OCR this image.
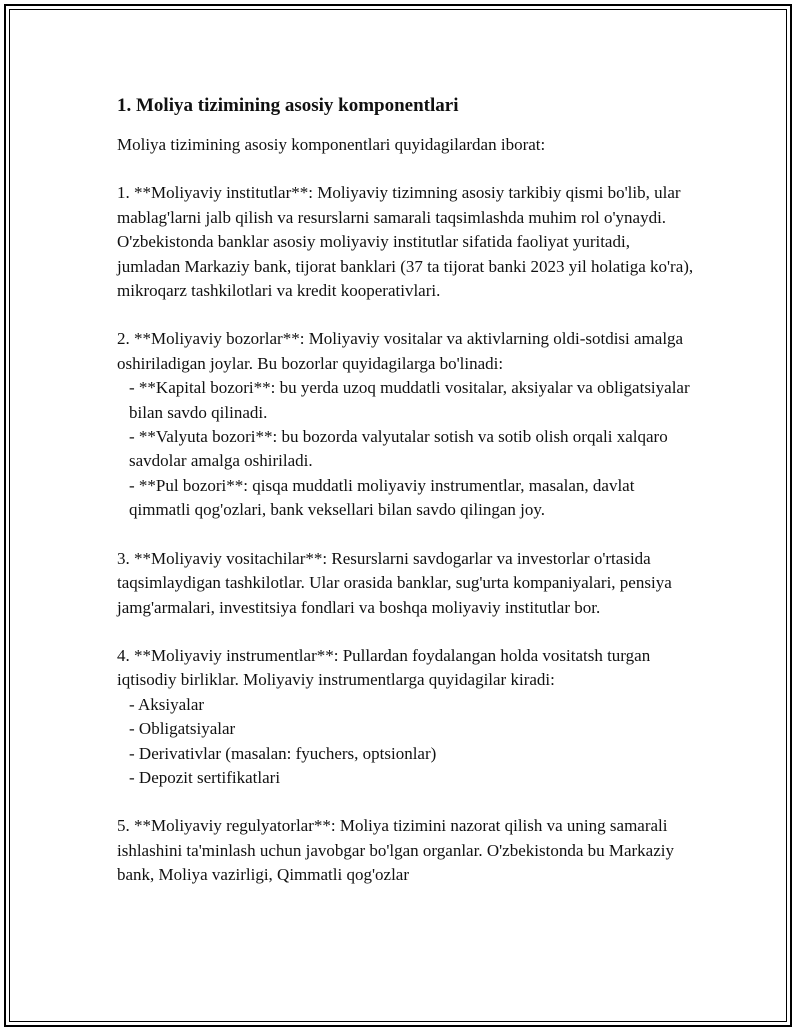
1. Moliya tizimining asosiy komponentlari

Moliya tizimining asosiy komponentlari quyidagilardan iborat:

1. **Moliyaviy institutlar**: Moliyaviy tizimning asosiy tarkibiy qismi bo'lib, ular mablag'larni jalb qilish va resurslarni samarali taqsimlashda muhim rol o'ynaydi. O'zbekistonda banklar asosiy moliyaviy institutlar sifatida faoliyat yuritadi, jumladan Markaziy bank, tijorat banklari (37 ta tijorat banki 2023 yil holatiga ko'ra), mikroqarz tashkilotlari va kredit kooperativlari.

2. **Moliyaviy bozorlar**: Moliyaviy vositalar va aktivlarning oldi-sotdisi amalga oshiriladigan joylar. Bu bozorlar quyidagilarga bo'linadi:

- **Kapital bozori**: bu yerda uzoq muddatli vositalar, aksiyalar va obligatsiyalar bilan savdo qilinadi.

- **Valyuta bozori**: bu bozorda valyutalar sotish va sotib olish orqali xalqaro savdolar amalga oshiriladi.

- **Pul bozori**: qisqa muddatli moliyaviy instrumentlar, masalan, davlat qimmatli qog'ozlari, bank veksellari bilan savdo qilingan joy.

3. **Moliyaviy vositachilar**: Resurslarni savdogarlar va investorlar o'rtasida taqsimlaydigan tashkilotlar. Ular orasida banklar, sug'urta kompaniyalari, pensiya jamg'armalari, investitsiya fondlari va boshqa moliyaviy institutlar bor.

4. **Moliyaviy instrumentlar**: Pullardan foydalangan holda vositatsh turgan iqtisodiy birliklar. Moliyaviy instrumentlarga quyidagilar kiradi:

- Aksiyalar

- Obligatsiyalar

- Derivativlar (masalan: fyuchers, optsionlar)

- Depozit sertifikatlari

5. **Moliyaviy regulyatorlar**: Moliya tizimini nazorat qilish va uning samarali ishlashini ta'minlash uchun javobgar bo'lgan organlar. O'zbekistonda bu Markaziy bank, Moliya vazirligi, Qimmatli qog'ozlar
